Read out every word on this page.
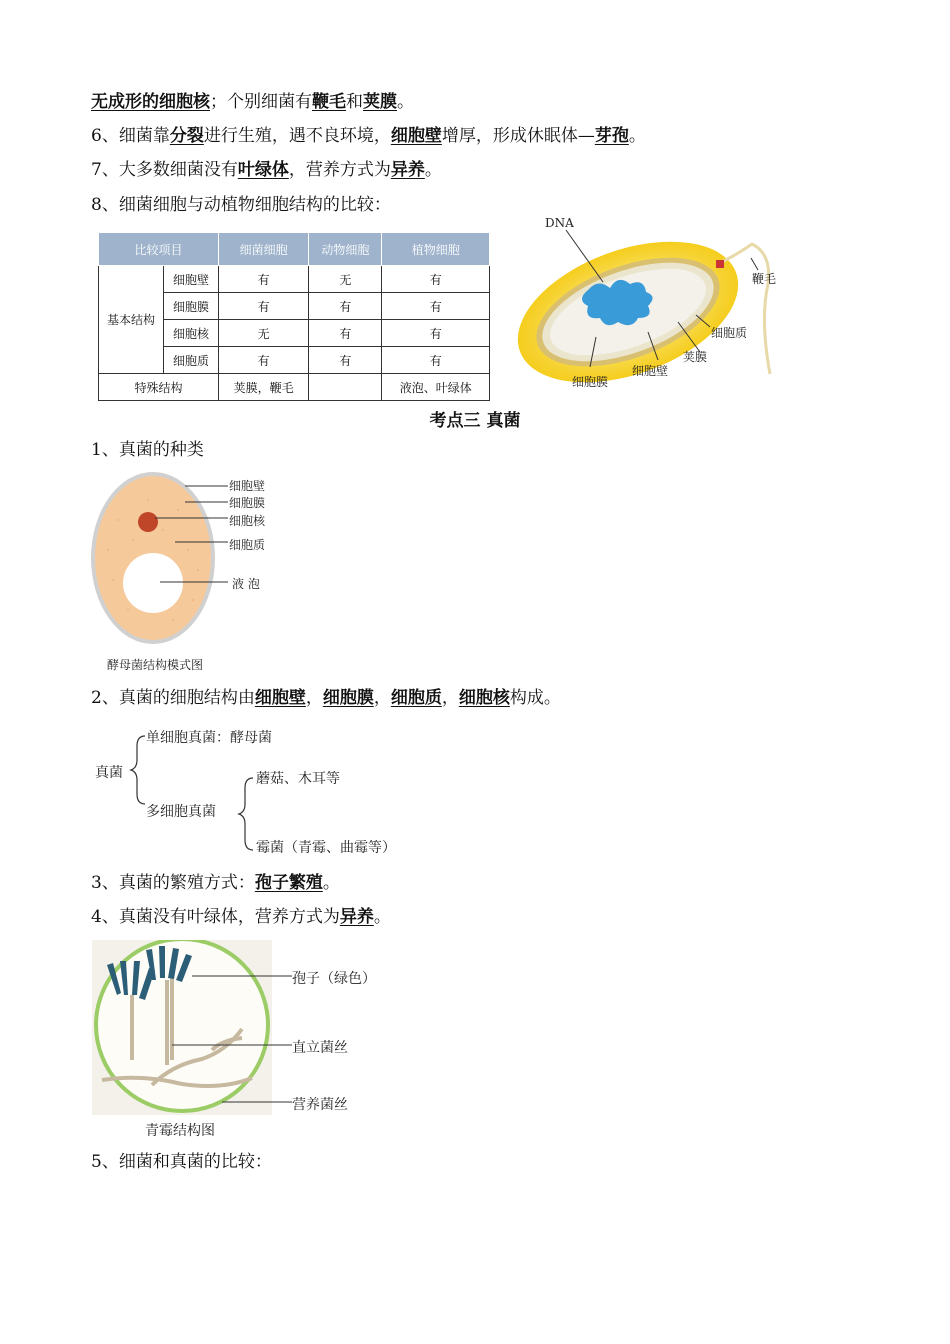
无成形的细胞核；个别细菌有鞭毛和荚膜。
6、细菌靠分裂进行生殖，遇不良环境，细胞壁增厚，形成休眠体—芽孢。
7、大多数细菌没有叶绿体，营养方式为异养。
8、细菌细胞与动植物细胞结构的比较：
比较项目		细菌细胞	动物细胞	植物细胞
基本结构	细胞壁	有	无	有
	细胞膜	有	有	有
	细胞核	无	有	有
	细胞质	有	有	有
特殊结构		荚膜，鞭毛		液泡、叶绿体
DNA
鞭毛
细胞质
荚膜
细胞壁
细胞膜
考点三 真菌
1、真菌的种类
细胞壁
细胞膜
细胞核
细胞质
液 泡
酵母菌结构模式图
2、真菌的细胞结构由细胞壁，细胞膜，细胞质，细胞核构成。
真菌
单细胞真菌：酵母菌
多细胞真菌
蘑菇、木耳等
霉菌（青霉、曲霉等）
3、真菌的繁殖方式：孢子繁殖。
4、真菌没有叶绿体，营养方式为异养。
孢子（绿色）
直立菌丝
营养菌丝
青霉结构图
5、细菌和真菌的比较：
